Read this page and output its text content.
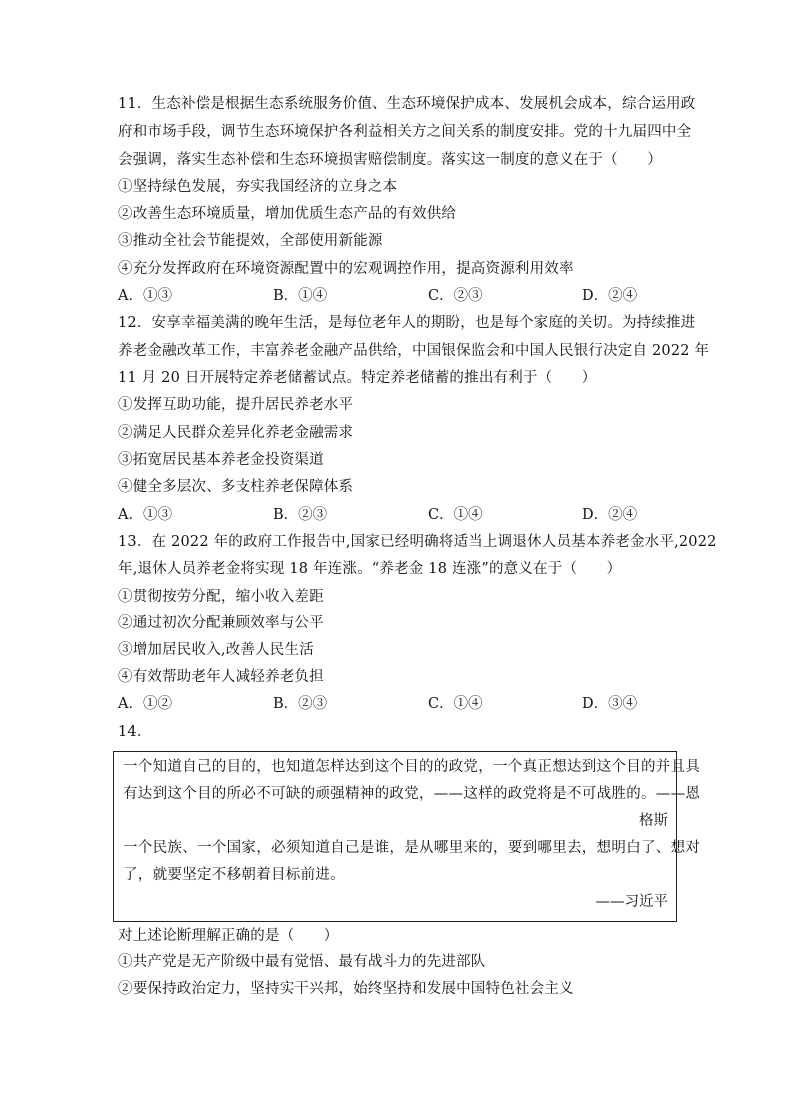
11．生态补偿是根据生态系统服务价值、生态环境保护成本、发展机会成本，综合运用政
府和市场手段，调节生态环境保护各利益相关方之间关系的制度安排。党的十九届四中全
会强调，落实生态补偿和生态环境损害赔偿制度。落实这一制度的意义在于（　　）
①坚持绿色发展，夯实我国经济的立身之本
②改善生态环境质量，增加优质生态产品的有效供给
③推动全社会节能提效，全部使用新能源
④充分发挥政府在环境资源配置中的宏观调控作用，提高资源利用效率
A．①③	B．①④	C．②③	D．②④
12．安享幸福美满的晚年生活，是每位老年人的期盼，也是每个家庭的关切。为持续推进
养老金融改革工作，丰富养老金融产品供给，中国银保监会和中国人民银行决定自 2022 年
11 月 20 日开展特定养老储蓄试点。特定养老储蓄的推出有利于（　　）
①发挥互助功能，提升居民养老水平
②满足人民群众差异化养老金融需求
③拓宽居民基本养老金投资渠道
④健全多层次、多支柱养老保障体系
A．①③	B．②③	C．①④	D．②④
13．在 2022 年的政府工作报告中,国家已经明确将适当上调退休人员基本养老金水平,2022
年,退休人员养老金将实现 18 年连涨。“养老金 18 连涨”的意义在于（　　）
②通过初次分配兼顾效率与公平
①贯彻按劳分配，缩小收入差距
③增加居民收入,改善人民生活
④有效帮助老年人减轻养老负担
A．①②	B．②③	C．①④	D．③④
14．
一个知道自己的目的，也知道怎样达到这个目的的政党，一个真正想达到这个目的并且具
有达到这个目的所必不可缺的顽强精神的政党，——这样的政党将是不可战胜的。——恩
格斯
一个民族、一个国家，必须知道自己是谁，是从哪里来的，要到哪里去，想明白了、想对
了，就要坚定不移朝着目标前进。
——习近平
对上述论断理解正确的是（　　）
①共产党是无产阶级中最有觉悟、最有战斗力的先进部队
②要保持政治定力，坚持实干兴邦，始终坚持和发展中国特色社会主义
